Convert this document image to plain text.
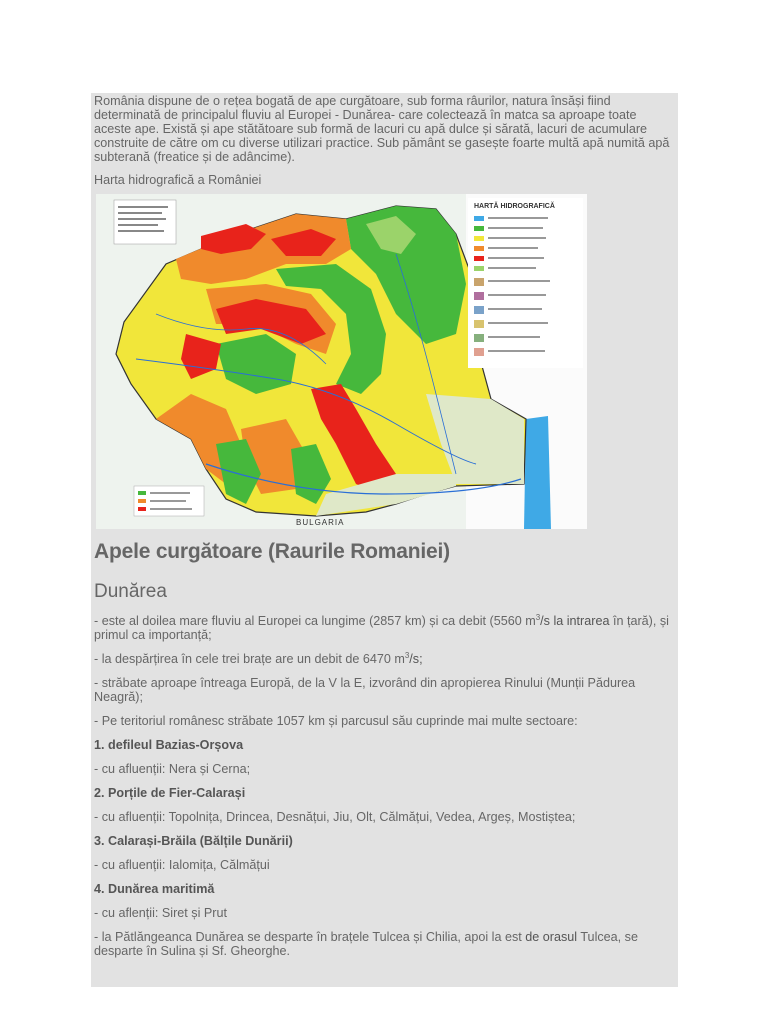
România dispune de o rețea bogată de ape curgătoare, sub forma râurilor, natura însăși fiind determinată de principalul fluviu al Europei - Dunărea- care colectează în matca sa aproape toate aceste ape. Există și ape stătătoare sub formă de lacuri cu apă dulce și sărată, lacuri de acumulare construite de către om cu diverse utilizari practice. Sub pământ se gasește foarte multă apă numită apă subterană (freatice și de adâncime).

Harta hidrografică a României

HARTĂ HIDROGRAFICĂ
BULGARIA
Apele curgătoare (Raurile Romaniei)
Dunărea

- este al doilea mare fluviu al Europei ca lungime (2857 km) și ca debit (5560 $m^3/s$ la intrarea în țară), și primul ca importanță;

- la despărțirea în cele trei brațe are un debit de 6470 $m^3/s$;

- străbate aproape întreaga Europă, de la V la E, izvorând din apropierea Rinului (Munții Pădurea Neagră);

- Pe teritoriul românesc străbate 1057 km și parcusul său cuprinde mai multe sectoare:

1. defileul Bazias-Orșova

- cu afluenții: Nera și Cerna;

2. Porțile de Fier-Calarași

- cu afluenții: Topolnița, Drincea, Desnățui, Jiu, Olt, Călmățui, Vedea, Argeș, Mostiștea;

3. Calarași-Brăila (Bălțile Dunării)

- cu afluenții: Ialomița, Călmățui

4. Dunărea maritimă

- cu aflenții: Siret și Prut

- la Pătlăngeanca Dunărea se desparte în brațele Tulcea și Chilia, apoi la est de orasul Tulcea, se desparte în Sulina și Sf. Gheorghe.
